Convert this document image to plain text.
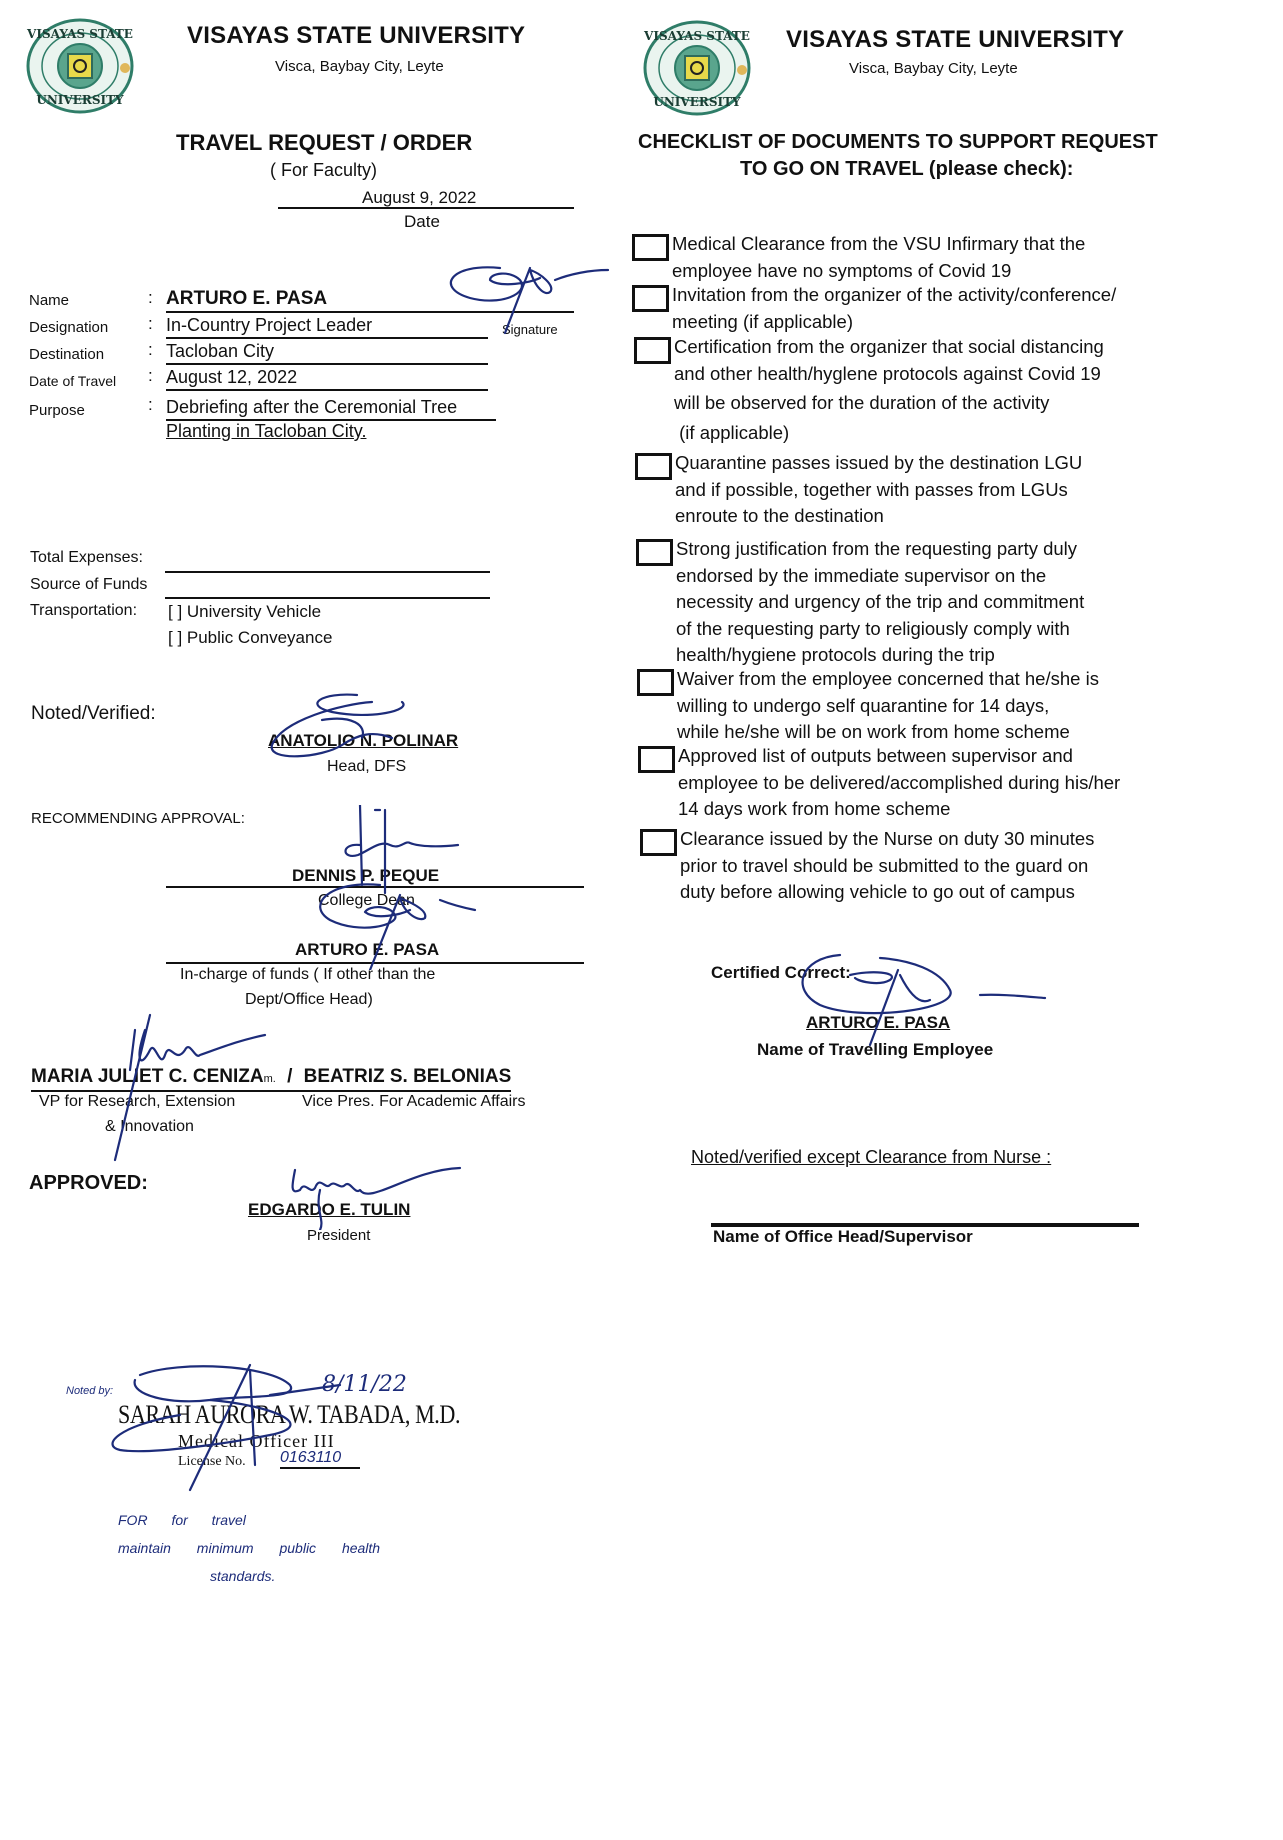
VISAYAS STATE
UNIVERSITY
VISAYAS STATE UNIVERSITY
Visca, Baybay City, Leyte
TRAVEL REQUEST / ORDER
( For Faculty)
August 9, 2022
Date
Name	: ARTURO E. PASA
Designation : In-Country Project Leader	Signature
Destination	: Tacloban City
Date of Travel : August 12, 2022
Purpose	: Debriefing after the Ceremonial Tree
Planting in Tacloban City.
Total Expenses:
Source of Funds
Transportation: [ ] University Vehicle
[ ] Public Conveyance
Noted/Verified:
ANATOLIO N. POLINAR
Head, DFS
RECOMMENDING APPROVAL:
DENNIS P. PEQUE
College Dean
ARTURO E. PASA
In-charge of funds ( If other than the
Dept/Office Head)
MARIA JULIET C. CENIZAm. / BEATRIZ S. BELONIAS
VP for Research, Extension
& Innovation
Vice Pres. For Academic Affairs
APPROVED:
EDGARDO E. TULIN
President
Noted by:	8/11/22
SARAH AURORA W. TABADA, M.D.
Medical Officer III
License No. 0163110
FOR for travel
maintain minimum public health
standards.
VISAYAS STATE
UNIVERSITY
VISAYAS STATE UNIVERSITY
Visca, Baybay City, Leyte
CHECKLIST OF DOCUMENTS TO SUPPORT REQUEST
TO GO ON TRAVEL (please check):
Medical Clearance from the VSU Infirmary that the
employee have no symptoms of Covid 19
Invitation from the organizer of the activity/conference/
meeting (if applicable)
Certification from the organizer that social distancing
and other health/hyglene protocols against Covid 19
will be observed for the duration of the activity
(if applicable)
Quarantine passes issued by the destination LGU
and if possible, together with passes from LGUs
enroute to the destination
Strong justification from the requesting party duly
endorsed by the immediate supervisor on the
necessity and urgency of the trip and commitment
of the requesting party to religiously comply with
health/hygiene protocols during the trip
Waiver from the employee concerned that he/she is
willing to undergo self quarantine for 14 days,
while he/she will be on work from home scheme
Approved list of outputs between supervisor and
employee to be delivered/accomplished during his/her
14 days work from home scheme
Clearance issued by the Nurse on duty 30 minutes
prior to travel should be submitted to the guard on
duty before allowing vehicle to go out of campus
Certified Correct:
ARTURO E. PASA
Name of Travelling Employee
Noted/verified except Clearance from Nurse :
Name of Office Head/Supervisor
